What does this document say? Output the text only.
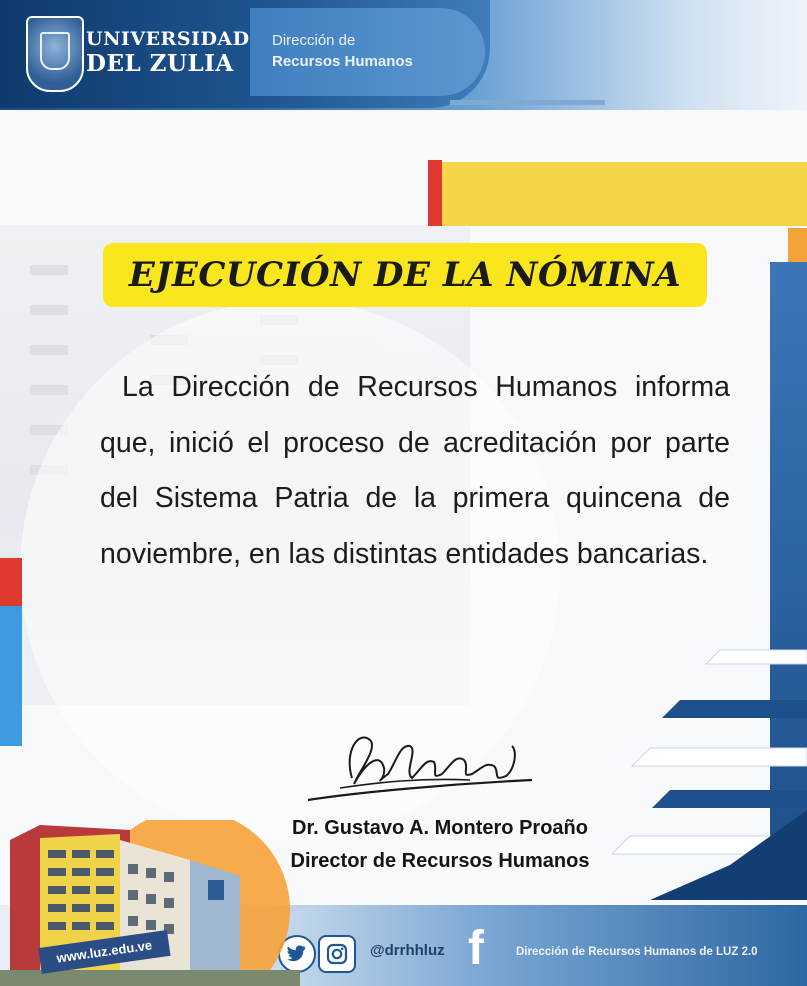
UNIVERSIDAD
DEL ZULIA
Dirección de
Recursos Humanos
EJECUCIÓN DE LA NÓMINA
La Dirección de Recursos Humanos informa que, inició el proceso de acreditación por parte del Sistema Patria de la primera quincena de noviembre, en las distintas entidades bancarias.
Dr. Gustavo A. Montero Proaño
Director de Recursos Humanos
@drrhhluz f	Dirección de Recursos Humanos de LUZ 2.0
www.luz.edu.ve
